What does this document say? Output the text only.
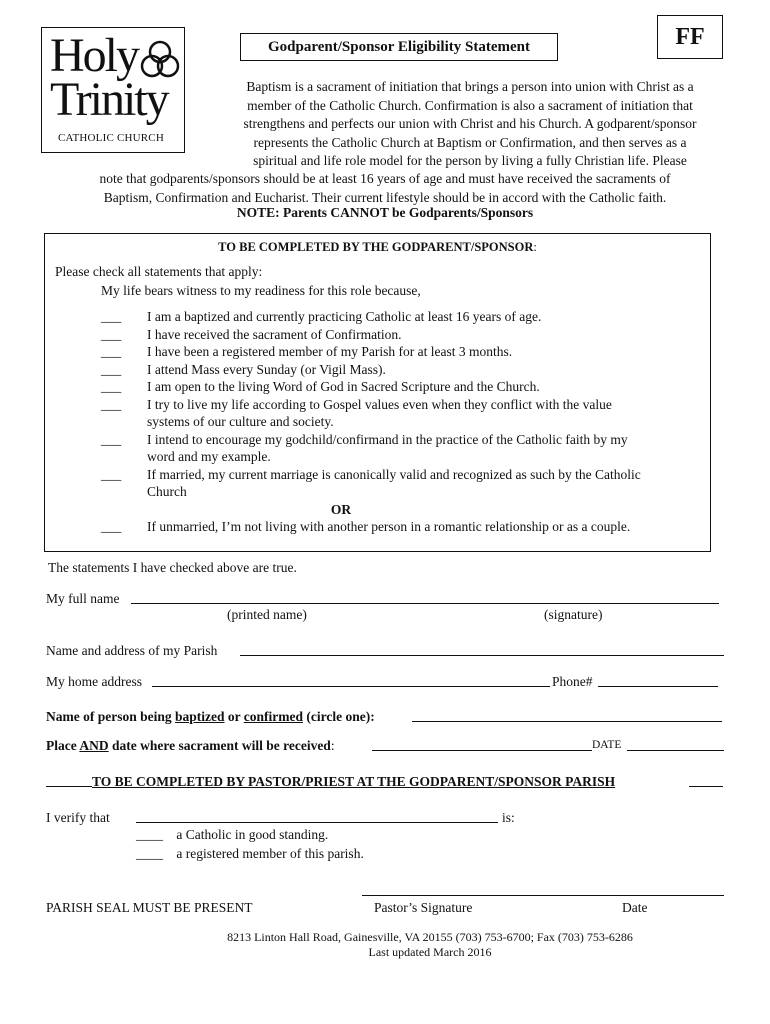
Holy
Trinity
CATHOLIC CHURCH
Godparent/Sponsor Eligibility Statement	FF
Baptism is a sacrament of initiation that brings a person into union with Christ as a
member of the Catholic Church. Confirmation is also a sacrament of initiation that
strengthens and perfects our union with Christ and his Church. A godparent/sponsor
represents the Catholic Church at Baptism or Confirmation, and then serves as a
spiritual and life role model for the person by living a fully Christian life. Please
note that godparents/sponsors should be at least 16 years of age and must have received the sacraments of
Baptism, Confirmation and Eucharist. Their current lifestyle should be in accord with the Catholic faith.
NOTE: Parents CANNOT be Godparents/Sponsors
TO BE COMPLETED BY THE GODPARENT/SPONSOR:
Please check all statements that apply:
My life bears witness to my readiness for this role because,
___ I am a baptized and currently practicing Catholic at least 16 years of age.
___ I have received the sacrament of Confirmation.
___ I have been a registered member of my Parish for at least 3 months.
___ I attend Mass every Sunday (or Vigil Mass).
___ I am open to the living Word of God in Sacred Scripture and the Church.
___ I try to live my life according to Gospel values even when they conflict with the value
systems of our culture and society.
___ I intend to encourage my godchild/confirmand in the practice of the Catholic faith by my
word and my example.
___ If married, my current marriage is canonically valid and recognized as such by the Catholic
Church
OR
___ If unmarried, I’m not living with another person in a romantic relationship or as a couple.
The statements I have checked above are true.
My full name
(printed name)	(signature)
Name and address of my Parish
My home address	Phone#
Name of person being baptized or confirmed (circle one):
Place AND date where sacrament will be received:	DATE
TO BE COMPLETED BY PASTOR/PRIEST AT THE GODPARENT/SPONSOR PARISH
I verify that	is:
____ a Catholic in good standing.
____ a registered member of this parish.
PARISH SEAL MUST BE PRESENT	Pastor’s Signature	Date
8213 Linton Hall Road, Gainesville, VA 20155 (703) 753-6700; Fax (703) 753-6286
Last updated March 2016
